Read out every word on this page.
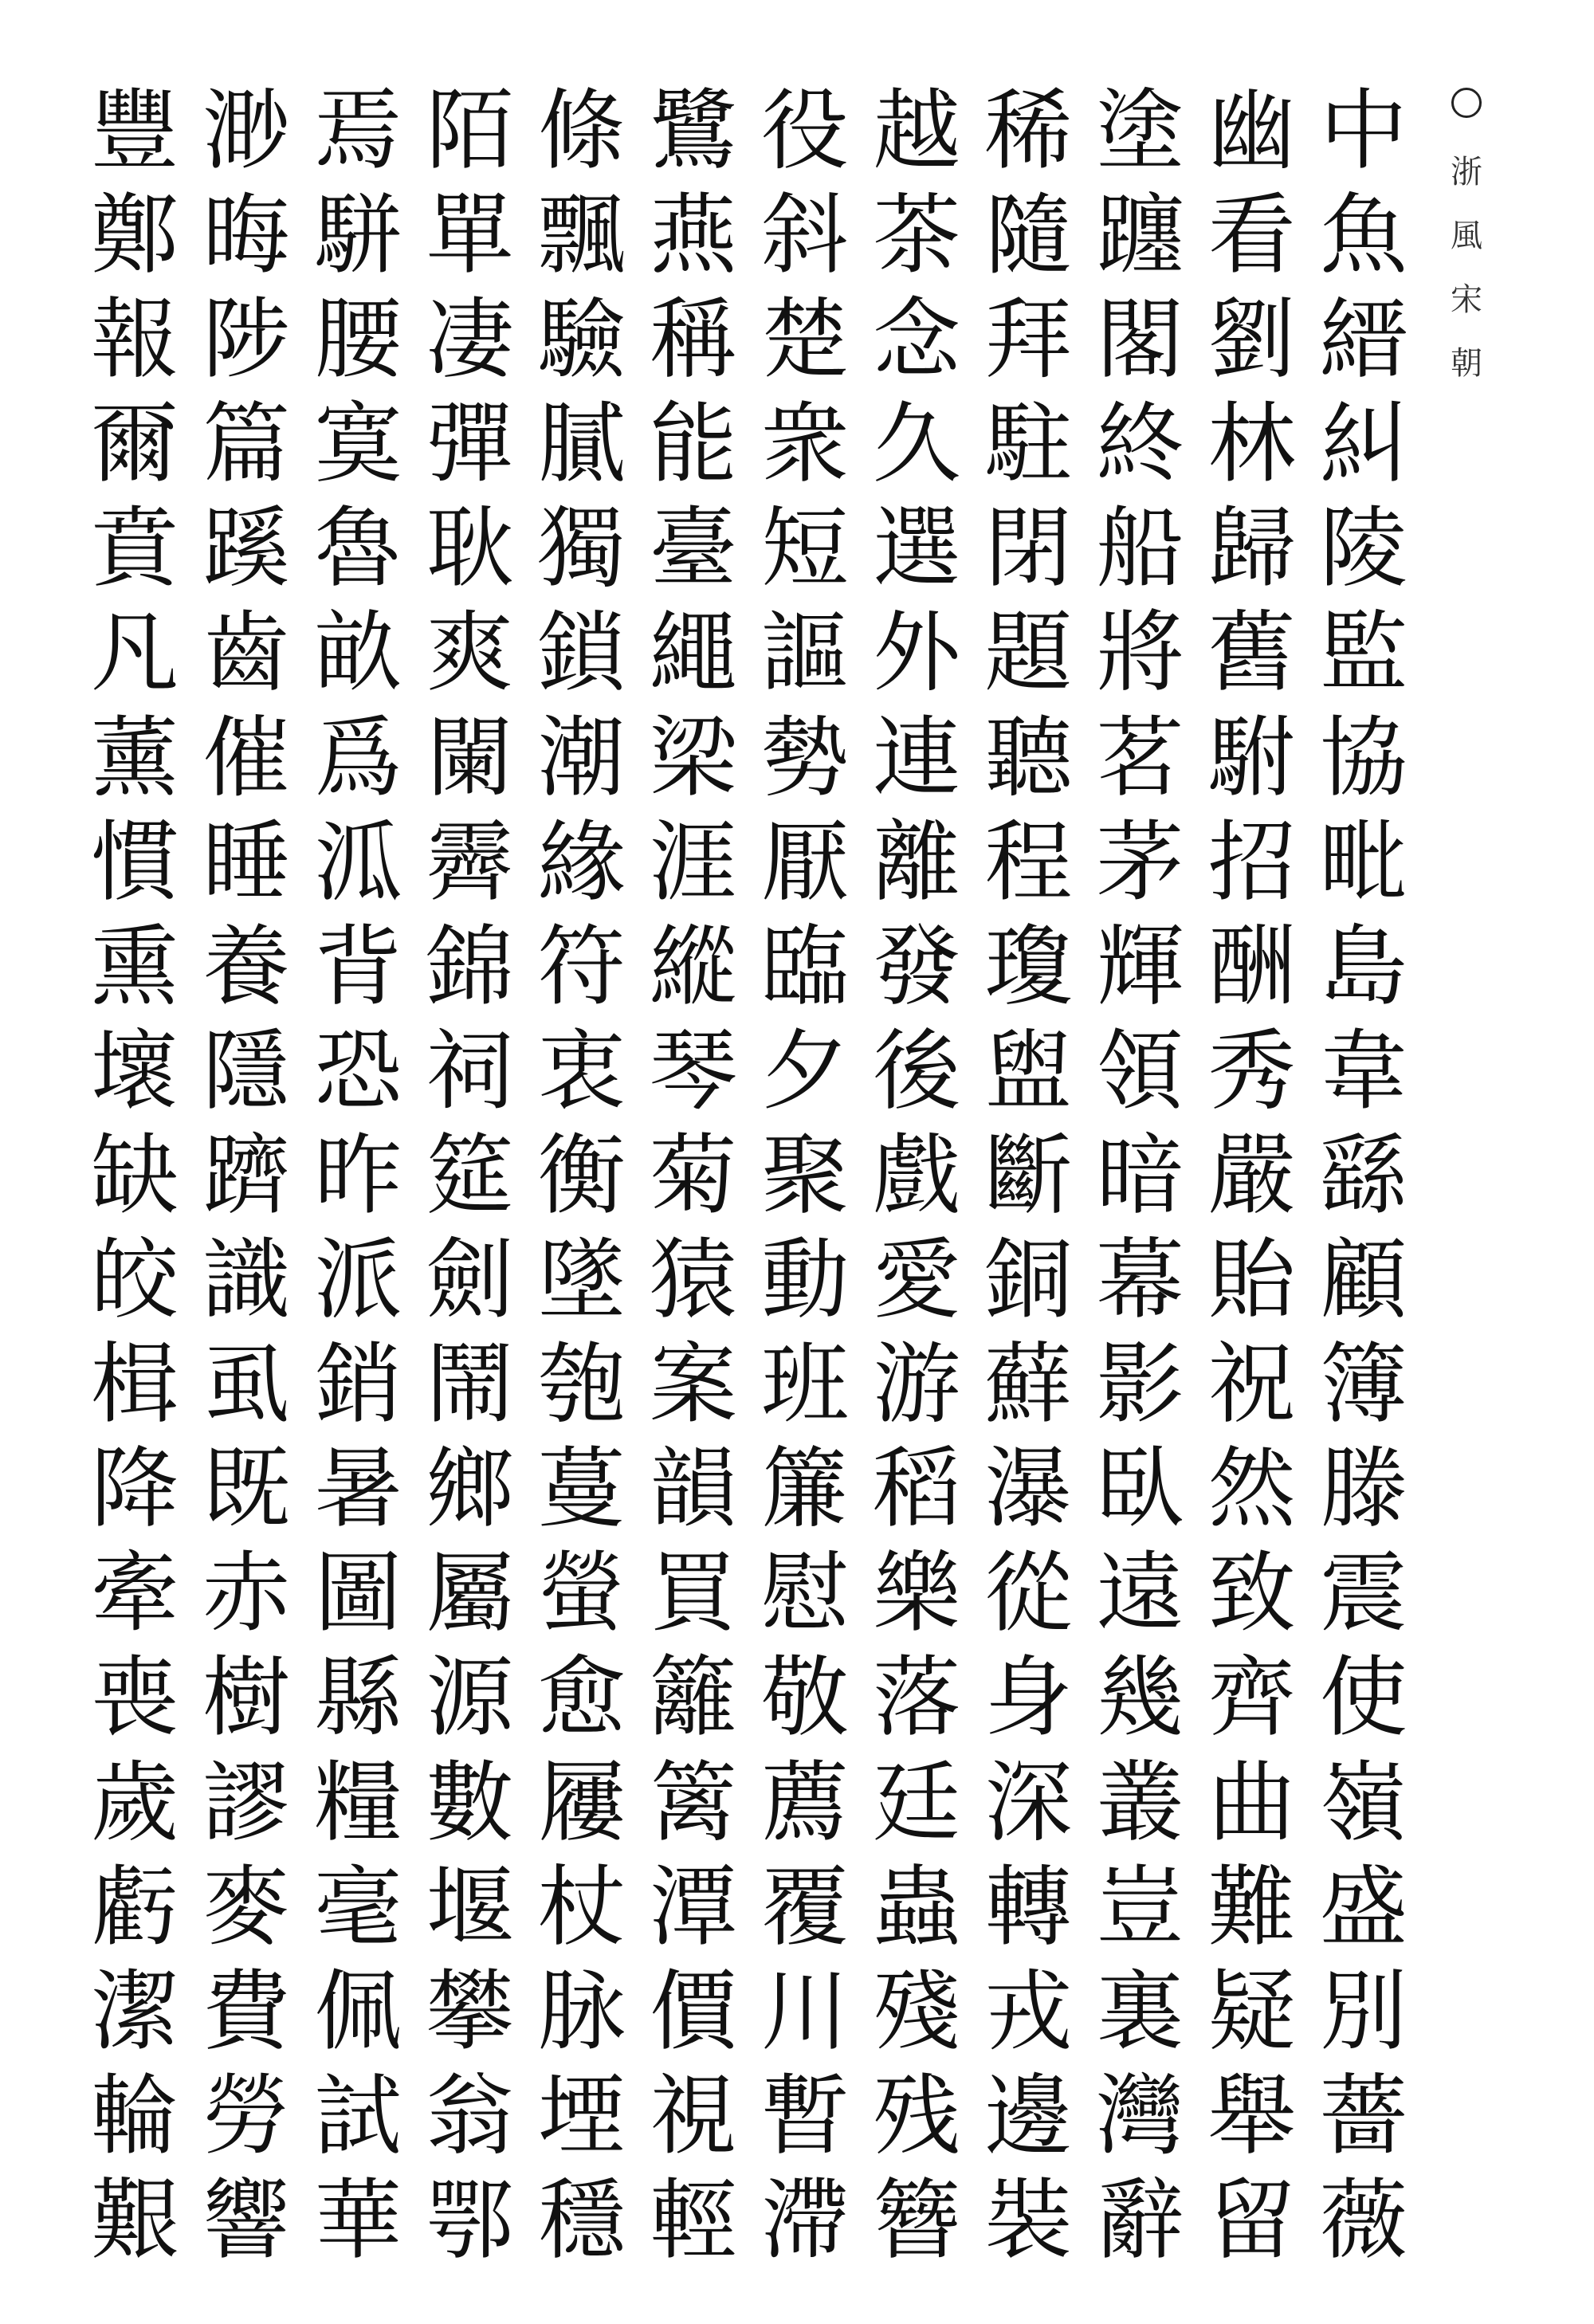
浙
風
宋
朝
中
魚
縉
糾
陵
監
協
毗
島
韋
繇
顧
簿
滕
震
使
嶺
盛
別
薔
薇
幽
看
劉
林
歸
舊
駙
招
酬
秀
嚴
貽
祝
然
致
齊
曲
難
疑
舉
留
塗
躔
閣
終
船
將
茗
茅
輝
領
暗
幕
影
臥
遠
幾
叢
豈
裏
灣
辭
稀
隨
拜
駐
閉
題
聽
程
瓊
盥
斷
銅
蘚
瀑
從
身
深
轉
戎
邊
裝
越
茶
念
久
選
外
連
離
發
後
戲
愛
游
稻
樂
落
廷
蟲
殘
残
簪
役
斜
楚
衆
短
謳
勢
厭
臨
夕
聚
動
班
簾
慰
敬
薦
覆
川
暫
滯
鷺
燕
稱
能
臺
繩
梁
涯
縱
琴
菊
猿
案
韻
買
籬
篱
潭
價
視
輕
條
飄
驗
膩
獨
鎖
潮
緣
符
衷
衡
墜
匏
蔓
螢
愈
屨
杖
脉
堙
穩
陌
單
凄
彈
耿
爽
闌
霽
錦
祠
筵
劍
鬧
鄉
屬
源
數
堰
攀
翁
鄂
焉
駢
腰
寞
魯
畝
爲
泒
背
恐
昨
派
銷
暑
圖
縣
糧
毫
佩
試
華
渺
晦
陟
篇
蹊
齒
催
睡
養
隱
躋
識
虱
既
赤
樹
謬
麥
費
勞
響
豐
鄭
報
爾
賁
凡
薰
慣
熏
壞
缺
皎
楫
降
牽
喪
歲
虧
潔
輪
艱
